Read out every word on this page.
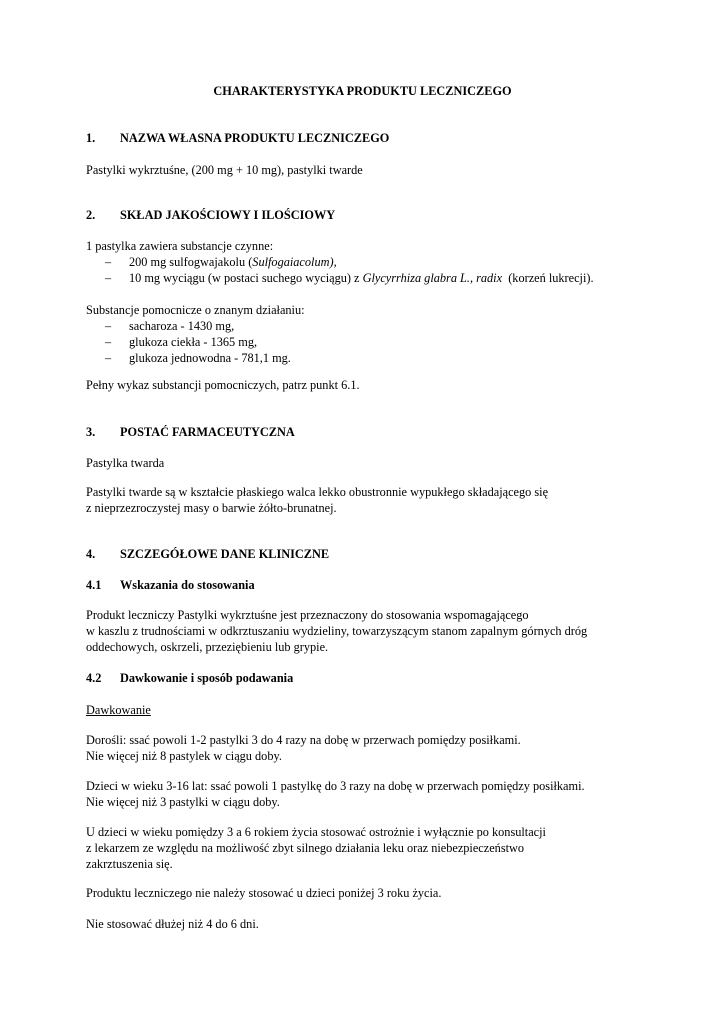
CHARAKTERYSTYKA PRODUKTU LECZNICZEGO
1. NAZWA WŁASNA PRODUKTU LECZNICZEGO
Pastylki wykrztuśne, (200 mg + 10 mg), pastylki twarde
2. SKŁAD JAKOŚCIOWY I ILOŚCIOWY
1 pastylka zawiera substancje czynne:
– 200 mg sulfogwajakolu (Sulfogaiacolum),
– 10 mg wyciągu (w postaci suchego wyciągu) z Glycyrrhiza glabra L., radix  (korzeń lukrecji).
Substancje pomocnicze o znanym działaniu:
– sacharoza - 1430 mg,
– glukoza ciekła - 1365 mg,
– glukoza jednowodna - 781,1 mg.
Pełny wykaz substancji pomocniczych, patrz punkt 6.1.
3. POSTAĆ FARMACEUTYCZNA
Pastylka twarda
Pastylki twarde są w kształcie płaskiego walca lekko obustronnie wypukłego składającego się
z nieprzezroczystej masy o barwie żółto-brunatnej.
4. SZCZEGÓŁOWE DANE KLINICZNE
4.1 Wskazania do stosowania
Produkt leczniczy Pastylki wykrztuśne jest przeznaczony do stosowania wspomagającego
w kaszlu z trudnościami w odkrztuszaniu wydzieliny, towarzyszącym stanom zapalnym górnych dróg
oddechowych, oskrzeli, przeziębieniu lub grypie.
4.2 Dawkowanie i sposób podawania
Dawkowanie
Dorośli: ssać powoli 1-2 pastylki 3 do 4 razy na dobę w przerwach pomiędzy posiłkami.
Nie więcej niż 8 pastylek w ciągu doby.
Dzieci w wieku 3-16 lat: ssać powoli 1 pastylkę do 3 razy na dobę w przerwach pomiędzy posiłkami.
Nie więcej niż 3 pastylki w ciągu doby.
U dzieci w wieku pomiędzy 3 a 6 rokiem życia stosować ostrożnie i wyłącznie po konsultacji
z lekarzem ze względu na możliwość zbyt silnego działania leku oraz niebezpieczeństwo
zakrztuszenia się.
Produktu leczniczego nie należy stosować u dzieci poniżej 3 roku życia.
Nie stosować dłużej niż 4 do 6 dni.
